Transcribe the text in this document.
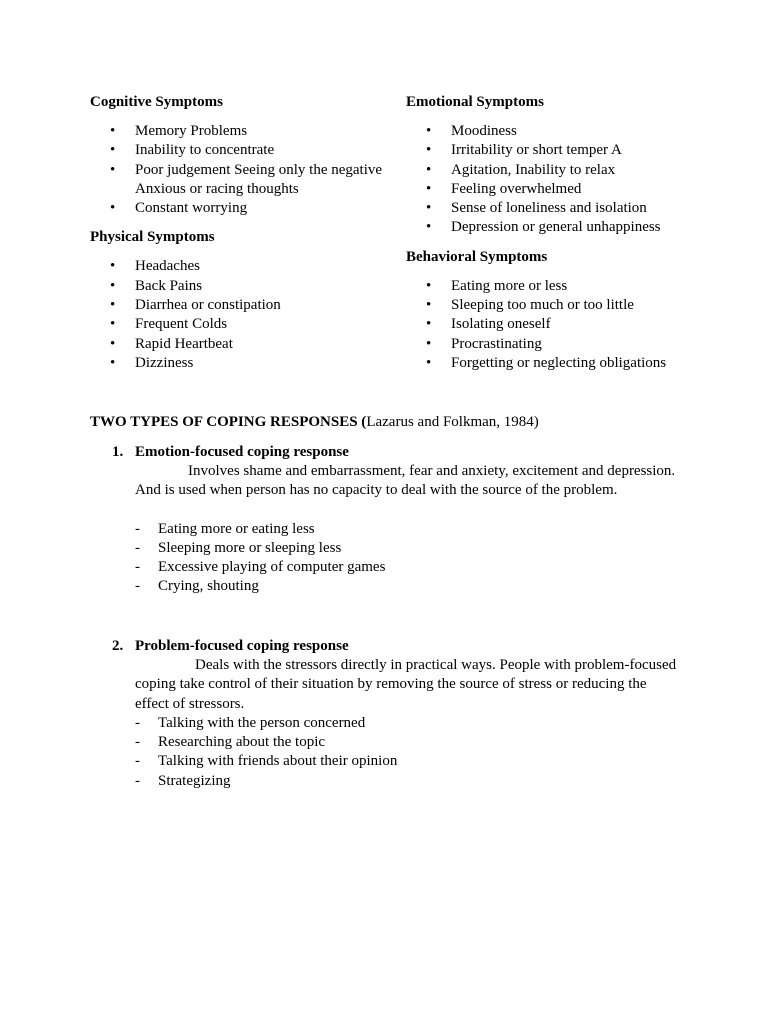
Cognitive Symptoms

• Memory Problems
• Inability to concentrate
• Poor judgement Seeing only the negative Anxious or racing thoughts
• Constant worrying

Physical Symptoms

• Headaches
• Back Pains
• Diarrhea or constipation
• Frequent Colds
• Rapid Heartbeat
• Dizziness

Emotional Symptoms

• Moodiness
• Irritability or short temper A
• Agitation, Inability to relax
• Feeling overwhelmed
• Sense of loneliness and isolation
• Depression or general unhappiness

Behavioral Symptoms

• Eating more or less
• Sleeping too much or too little
• Isolating oneself
• Procrastinating
• Forgetting or neglecting obligations
TWO TYPES OF COPING RESPONSES (Lazarus and Folkman, 1984)
1. Emotion-focused coping response
Involves shame and embarrassment, fear and anxiety, excitement and depression. And is used when person has no capacity to deal with the source of the problem.
- Eating more or eating less
- Sleeping more or sleeping less
- Excessive playing of computer games
- Crying, shouting
2. Problem-focused coping response
Deals with the stressors directly in practical ways. People with problem-focused coping take control of their situation by removing the source of stress or reducing the effect of stressors.
- Talking with the person concerned
- Researching about the topic
- Talking with friends about their opinion
- Strategizing
